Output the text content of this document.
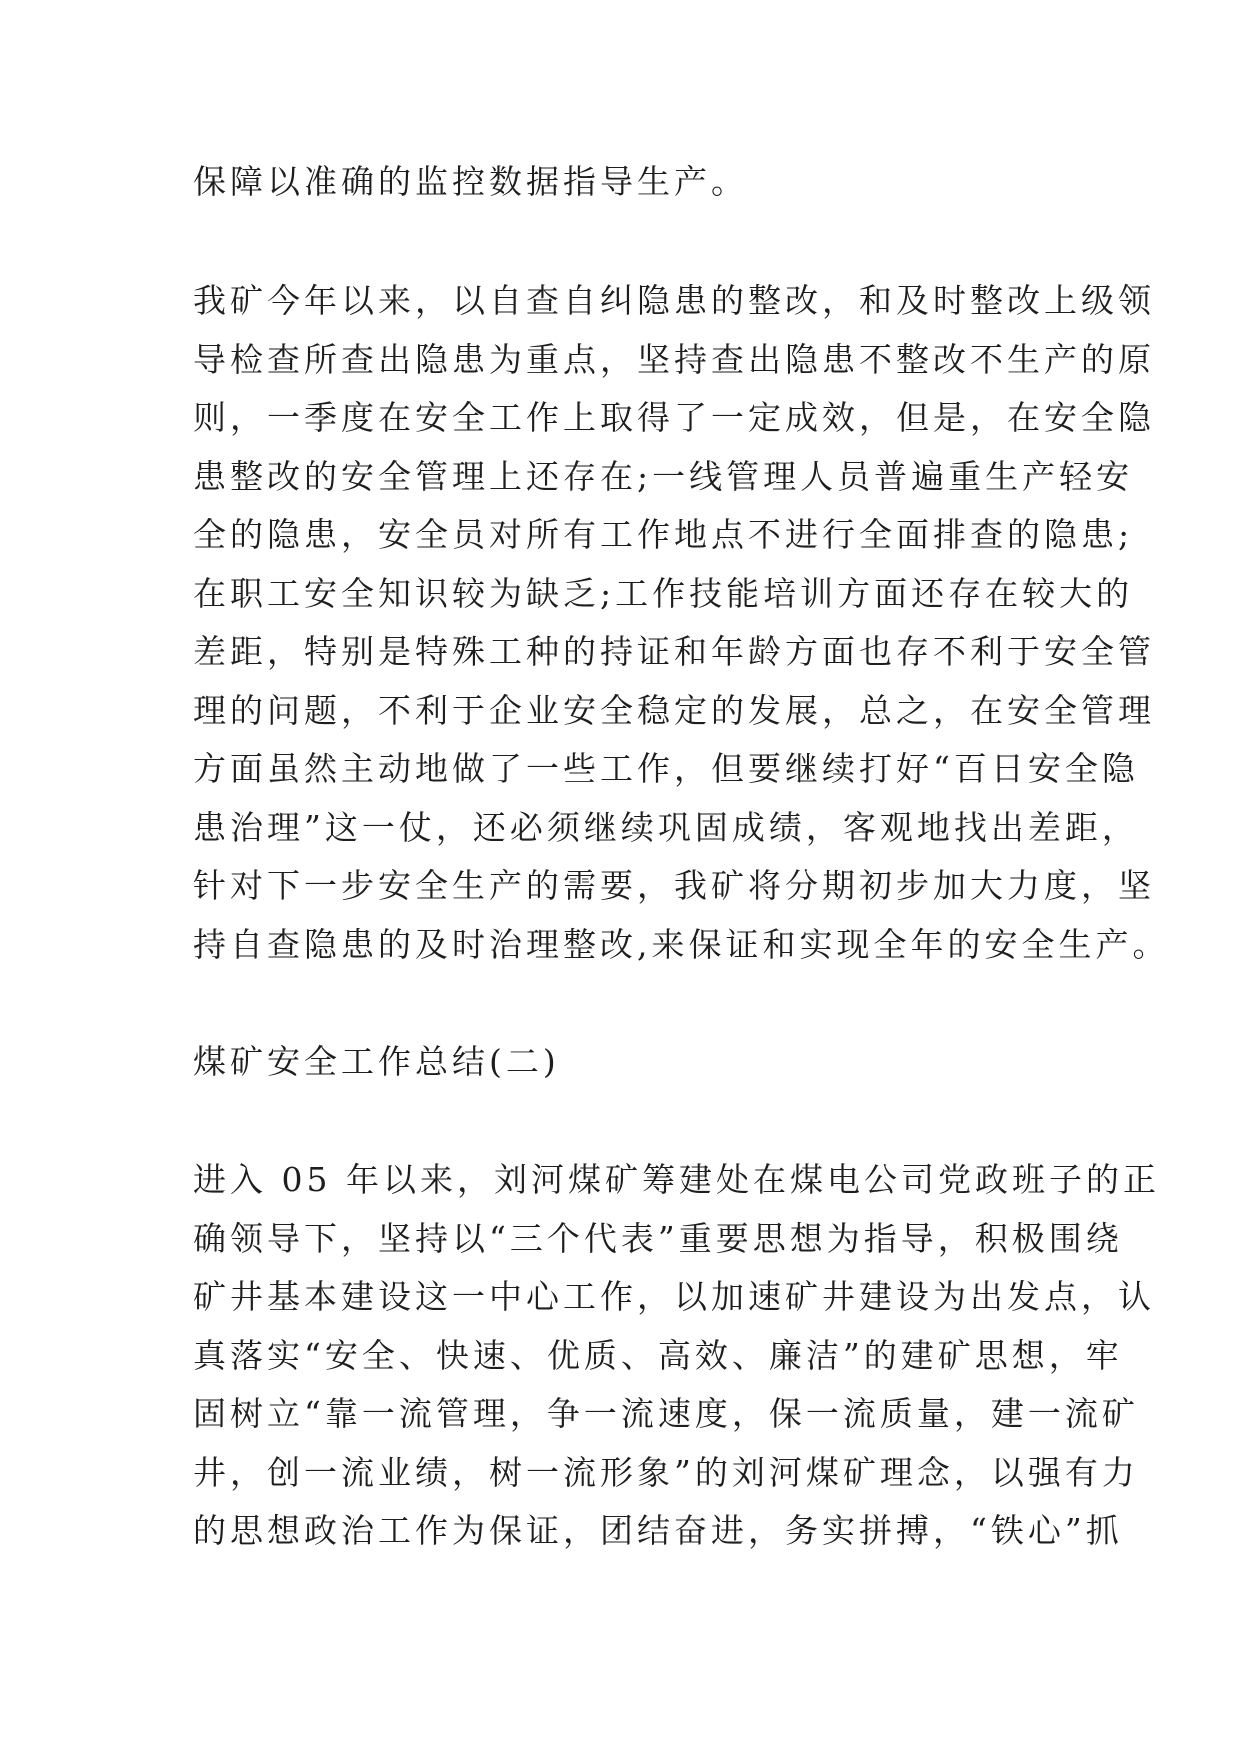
保障以准确的监控数据指导生产。
我矿今年以来，以自查自纠隐患的整改，和及时整改上级领
导检查所查出隐患为重点，坚持查出隐患不整改不生产的原
则，一季度在安全工作上取得了一定成效，但是，在安全隐
患整改的安全管理上还存在;一线管理人员普遍重生产轻安
全的隐患，安全员对所有工作地点不进行全面排查的隐患;
在职工安全知识较为缺乏;工作技能培训方面还存在较大的
差距，特别是特殊工种的持证和年龄方面也存不利于安全管
理的问题，不利于企业安全稳定的发展，总之，在安全管理
方面虽然主动地做了一些工作，但要继续打好“百日安全隐
患治理”这一仗，还必须继续巩固成绩，客观地找出差距，
针对下一步安全生产的需要，我矿将分期初步加大力度，坚
持自查隐患的及时治理整改,来保证和实现全年的安全生产。
煤矿安全工作总结(二)
进入 05 年以来，刘河煤矿筹建处在煤电公司党政班子的正
确领导下，坚持以“三个代表”重要思想为指导，积极围绕
矿井基本建设这一中心工作，以加速矿井建设为出发点，认
真落实“安全、快速、优质、高效、廉洁”的建矿思想，牢
固树立“靠一流管理，争一流速度，保一流质量，建一流矿
井，创一流业绩，树一流形象”的刘河煤矿理念，以强有力
的思想政治工作为保证，团结奋进，务实拼搏，“铁心”抓
